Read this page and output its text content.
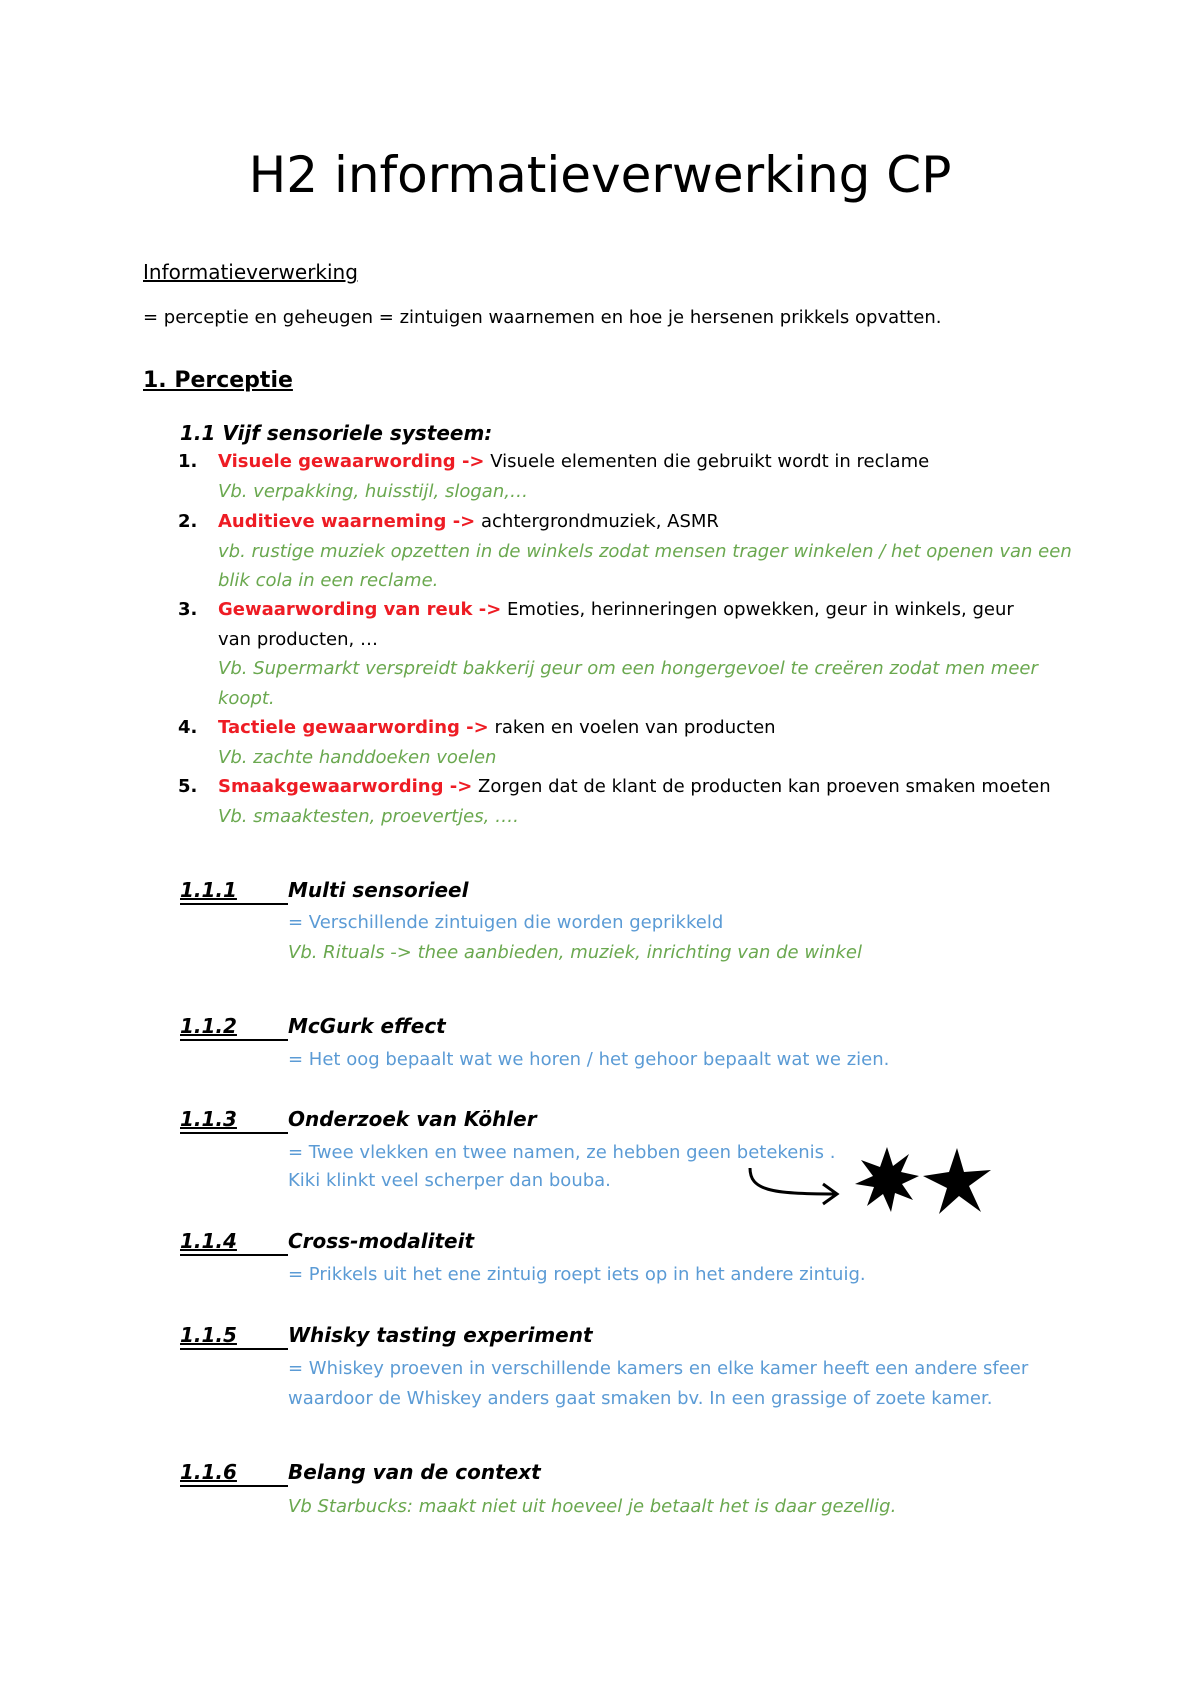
H2 informatieverwerking CP
Informatieverwerking
= perceptie en geheugen = zintuigen waarnemen en hoe je hersenen prikkels opvatten.
1. Perceptie
1.1 Vijf sensoriele systeem:
1. Visuele gewaarwording -> Visuele elementen die gebruikt wordt in reclame
Vb. verpakking, huisstijl, slogan,…
2. Auditieve waarneming -> achtergrondmuziek, ASMR
vb. rustige muziek opzetten in de winkels zodat mensen trager winkelen / het openen van een blik cola in een reclame.
3. Gewaarwording van reuk -> Emoties, herinneringen opwekken, geur in winkels, geur van producten, …
Vb. Supermarkt verspreidt bakkerij geur om een hongergevoel te creëren zodat men meer koopt.
4. Tactiele gewaarwording -> raken en voelen van producten
Vb. zachte handdoeken voelen
5. Smaakgewaarwording -> Zorgen dat de klant de producten kan proeven smaken moeten
Vb. smaaktesten, proevertjes, ….
1.1.1	Multi sensorieel
= Verschillende zintuigen die worden geprikkeld
Vb. Rituals -> thee aanbieden, muziek, inrichting van de winkel
1.1.2	McGurk effect
= Het oog bepaalt wat we horen / het gehoor bepaalt wat we zien.
1.1.3	Onderzoek van Köhler
= Twee vlekken en twee namen, ze hebben geen betekenis .
Kiki klinkt veel scherper dan bouba.
1.1.4	Cross-modaliteit
= Prikkels uit het ene zintuig roept iets op in het andere zintuig.
1.1.5	Whisky tasting experiment
= Whiskey proeven in verschillende kamers en elke kamer heeft een andere sfeer
waardoor de Whiskey anders gaat smaken bv. In een grassige of zoete kamer.
1.1.6	Belang van de context
Vb Starbucks: maakt niet uit hoeveel je betaalt het is daar gezellig.
